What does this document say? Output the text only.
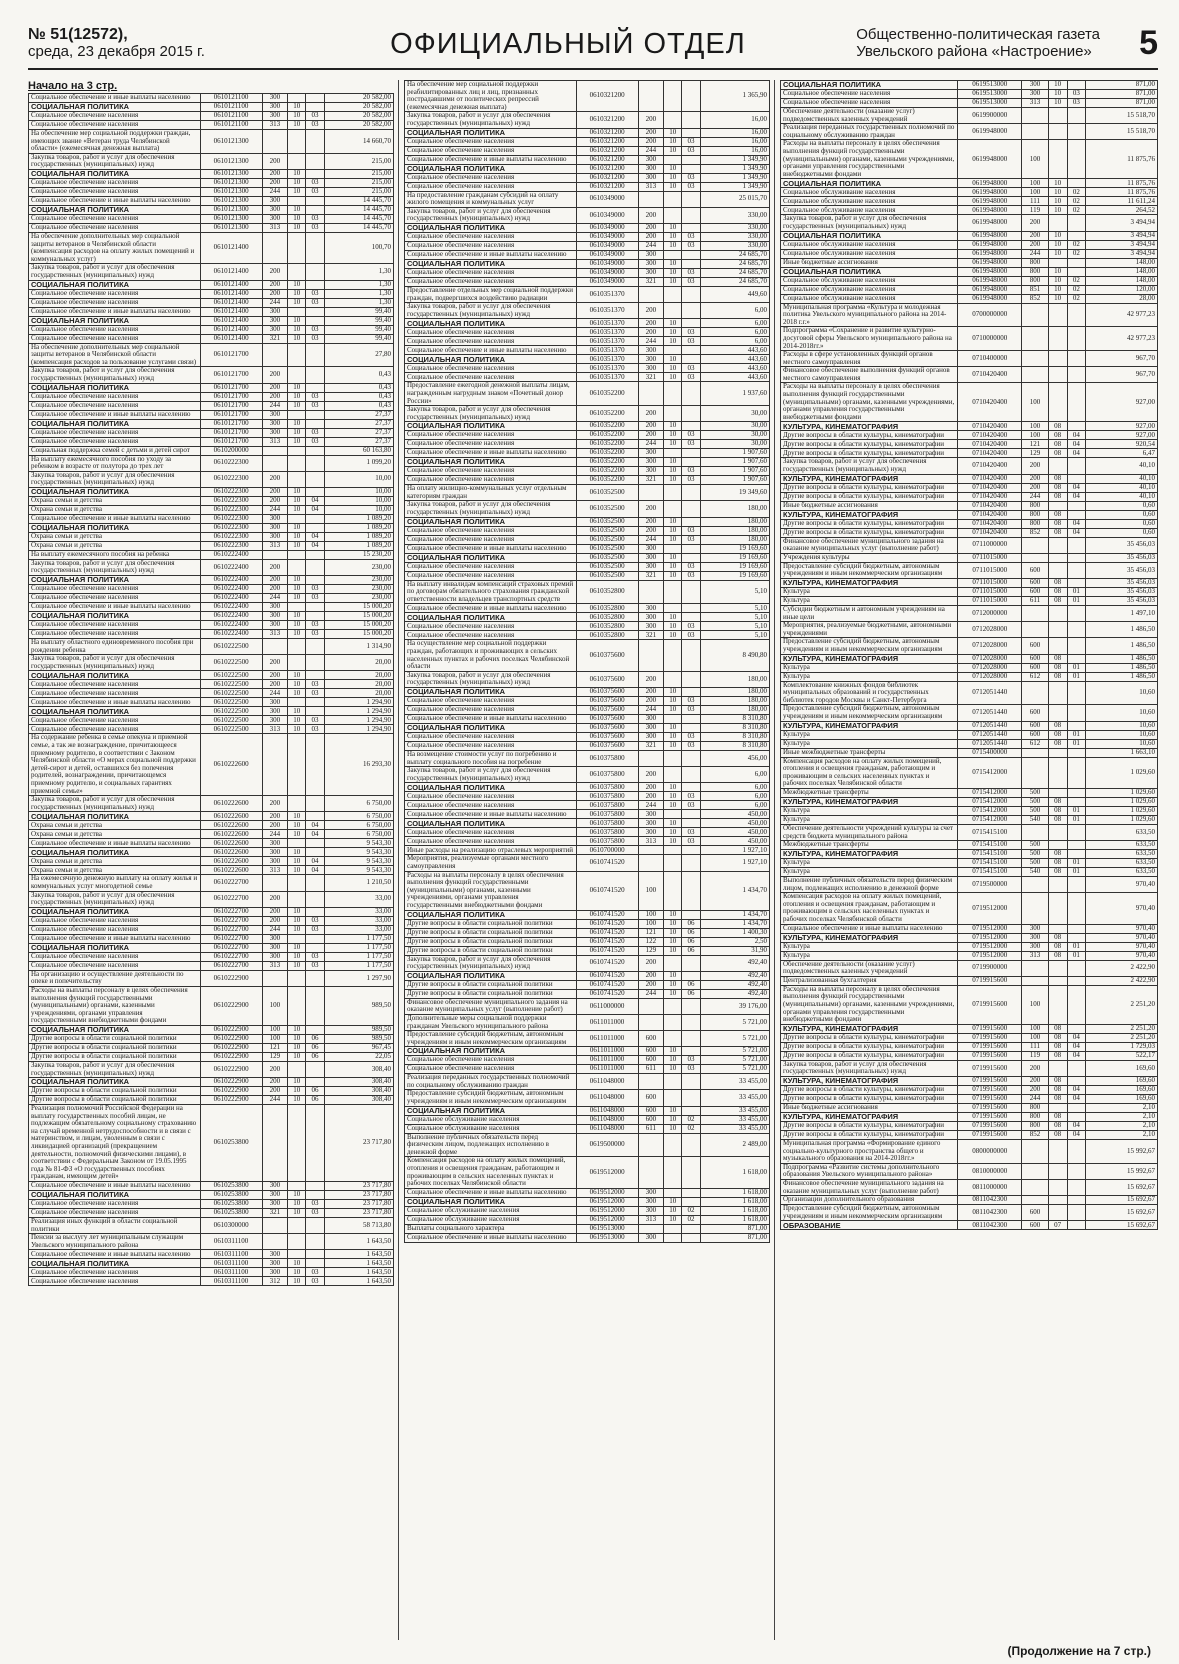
№ 51(12572),
среда, 23 декабря 2015 г.	ОФИЦИАЛЬНЫЙ ОТДЕЛ	Общественно-политическая газета
Увельского района «Настроение» 5
Начало на 3 стр.
Социальное обеспечение и иные выплаты населению	0610121100	300			20 582,00
СОЦИАЛЬНАЯ ПОЛИТИКА	0610121100	300	10		20 582,00
Социальное обеспечение населения	0610121100	300	10	03	20 582,00
Социальное обеспечение населения	0610121100	313	10	03	20 582,00
На обеспечение мер социальной поддержки граждан, имеющих звание «Ветеран труда Челябинской области» (ежемесячная денежная выплата)	0610121300				14 660,70
Закупка товаров, работ и услуг для обеспечения государственных (муниципальных) нужд	0610121300	200			215,00
СОЦИАЛЬНАЯ ПОЛИТИКА	0610121300	200	10		215,00
Социальное обеспечение населения	0610121300	200	10	03	215,00
Социальное обеспечение населения	0610121300	244	10	03	215,00
Социальное обеспечение и иные выплаты населению	0610121300	300			14 445,70
СОЦИАЛЬНАЯ ПОЛИТИКА	0610121300	300	10		14 445,70
Социальное обеспечение населения	0610121300	300	10	03	14 445,70
Социальное обеспечение населения	0610121300	313	10	03	14 445,70
На обеспечение дополнительных мер социальной защиты ветеранов в Челябинской области (компенсация расходов на оплату жилых помещений и коммунальных услуг)	0610121400				100,70
Закупка товаров, работ и услуг для обеспечения государственных (муниципальных) нужд	0610121400	200			1,30
СОЦИАЛЬНАЯ ПОЛИТИКА	0610121400	200	10		1,30
Социальное обеспечение населения	0610121400	200	10	03	1,30
Социальное обеспечение населения	0610121400	244	10	03	1,30
Социальное обеспечение и иные выплаты населению	0610121400	300			99,40
СОЦИАЛЬНАЯ ПОЛИТИКА	0610121400	300	10		99,40
Социальное обеспечение населения	0610121400	300	10	03	99,40
Социальное обеспечение населения	0610121400	321	10	03	99,40
На обеспечение дополнительных мер социальной защиты ветеранов в Челябинской области (компенсация расходов за пользование услугами связи)	0610121700				27,80
Закупка товаров, работ и услуг для обеспечения государственных (муниципальных) нужд	0610121700	200			0,43
СОЦИАЛЬНАЯ ПОЛИТИКА	0610121700	200	10		0,43
Социальное обеспечение населения	0610121700	200	10	03	0,43
Социальное обеспечение населения	0610121700	244	10	03	0,43
Социальное обеспечение и иные выплаты населению	0610121700	300			27,37
СОЦИАЛЬНАЯ ПОЛИТИКА	0610121700	300	10		27,37
Социальное обеспечение населения	0610121700	300	10	03	27,37
Социальное обеспечение населения	0610121700	313	10	03	27,37
Социальная поддержка семей с детьми и детей сирот	0610200000				60 163,80
На выплату ежемесячного пособия по уходу за ребенком в возрасте от полутора до трех лет	0610222300				1 099,20
Закупка товаров, работ и услуг для обеспечения государственных (муниципальных) нужд	0610222300	200			10,00
СОЦИАЛЬНАЯ ПОЛИТИКА	0610222300	200	10		10,00
Охрана семьи и детства	0610222300	200	10	04	10,00
Охрана семьи и детства	0610222300	244	10	04	10,00
Социальное обеспечение и иные выплаты населению	0610222300	300			1 089,20
СОЦИАЛЬНАЯ ПОЛИТИКА	0610222300	300	10		1 089,20
Охрана семьи и детства	0610222300	300	10	04	1 089,20
Охрана семьи и детства	0610222300	313	10	04	1 089,20
На выплату ежемесячного пособия на ребенка	0610222400				15 230,20
Закупка товаров, работ и услуг для обеспечения государственных (муниципальных) нужд	0610222400	200			230,00
СОЦИАЛЬНАЯ ПОЛИТИКА	0610222400	200	10		230,00
Социальное обеспечение населения	0610222400	200	10	03	230,00
Социальное обеспечение населения	0610222400	244	10	03	230,00
Социальное обеспечение и иные выплаты населению	0610222400	300			15 000,20
СОЦИАЛЬНАЯ ПОЛИТИКА	0610222400	300	10		15 000,20
Социальное обеспечение населения	0610222400	300	10	03	15 000,20
Социальное обеспечение населения	0610222400	313	10	03	15 000,20
На выплату областного единовременного пособия при рождении ребенка	0610222500				1 314,90
Закупка товаров, работ и услуг для обеспечения государственных (муниципальных) нужд	0610222500	200			20,00
СОЦИАЛЬНАЯ ПОЛИТИКА	0610222500	200	10		20,00
Социальное обеспечение населения	0610222500	200	10	03	20,00
Социальное обеспечение населения	0610222500	244	10	03	20,00
Социальное обеспечение и иные выплаты населению	0610222500	300			1 294,90
СОЦИАЛЬНАЯ ПОЛИТИКА	0610222500	300	10		1 294,90
Социальное обеспечение населения	0610222500	300	10	03	1 294,90
Социальное обеспечение населения	0610222500	313	10	03	1 294,90
На содержание ребенка в семье опекуна и приемной семье, а так же вознаграждение, причитающееся приемному родителю, в соответствии с Законом Челябинской области «О мерах социальной поддержки детей-сирот и детей, оставшихся без попечения родителей, вознаграждении, причитающемся приемному родителю, и социальных гарантиях приемной семье»	0610222600				16 293,30
Закупка товаров, работ и услуг для обеспечения государственных (муниципальных) нужд	0610222600	200			6 750,00
СОЦИАЛЬНАЯ ПОЛИТИКА	0610222600	200	10		6 750,00
Охрана семьи и детства	0610222600	200	10	04	6 750,00
Охрана семьи и детства	0610222600	244	10	04	6 750,00
Социальное обеспечение и иные выплаты населению	0610222600	300			9 543,30
СОЦИАЛЬНАЯ ПОЛИТИКА	0610222600	300	10		9 543,30
Охрана семьи и детства	0610222600	300	10	04	9 543,30
Охрана семьи и детства	0610222600	313	10	04	9 543,30
На ежемесячную денежную выплату на оплату жилья и коммунальных услуг многодетной семье	0610222700				1 210,50
Закупка товаров, работ и услуг для обеспечения государственных (муниципальных) нужд	0610222700	200			33,00
СОЦИАЛЬНАЯ ПОЛИТИКА	0610222700	200	10		33,00
Социальное обеспечение населения	0610222700	200	10	03	33,00
Социальное обеспечение населения	0610222700	244	10	03	33,00
Социальное обеспечение и иные выплаты населению	0610222700	300			1 177,50
СОЦИАЛЬНАЯ ПОЛИТИКА	0610222700	300	10		1 177,50
Социальное обеспечение населения	0610222700	300	10	03	1 177,50
Социальное обеспечение населения	0610222700	313	10	03	1 177,50
На организацию и осуществление деятельности по опеке и попечительству	0610222900				1 297,90
Расходы на выплаты персоналу в целях обеспечения выполнения функций государственными (муниципальными) органами, казенными учреждениями, органами управления государственными внебюджетными фондами	0610222900	100			989,50
СОЦИАЛЬНАЯ ПОЛИТИКА	0610222900	100	10		989,50
Другие вопросы в области социальной политики	0610222900	100	10	06	989,50
Другие вопросы в области социальной политики	0610222900	121	10	06	967,45
Другие вопросы в области социальной политики	0610222900	129	10	06	22,05
Закупка товаров, работ и услуг для обеспечения государственных (муниципальных) нужд	0610222900	200			308,40
СОЦИАЛЬНАЯ ПОЛИТИКА	0610222900	200	10		308,40
Другие вопросы в области социальной политики	0610222900	200	10	06	308,40
Другие вопросы в области социальной политики	0610222900	244	10	06	308,40
Реализация полномочий Российской Федерации на выплату государственных пособий лицам, не подлежащим обязательному социальному страхованию на случай временной нетрудоспособности и в связи с материнством, и лицам, уволенным в связи с ликвидацией организаций (прекращением деятельности, полномочий физическими лицами), в соответствии с Федеральным Законом от 19.05.1995 года № 81-ФЗ «О государственных пособиях гражданам, имеющим детей»	0610253800				23 717,80
Социальное обеспечение и иные выплаты населению	0610253800	300			23 717,80
СОЦИАЛЬНАЯ ПОЛИТИКА	0610253800	300	10		23 717,80
Социальное обеспечение населения	0610253800	300	10	03	23 717,80
Социальное обеспечение населения	0610253800	321	10	03	23 717,80
Реализация иных функций в области социальной политики	0610300000				58 713,80
Пенсии за выслугу лет муниципальным служащим Увельского муниципального района	0610311100				1 643,50
Социальное обеспечение и иные выплаты населению	0610311100	300			1 643,50
СОЦИАЛЬНАЯ ПОЛИТИКА	0610311100	300	10		1 643,50
Социальное обеспечение населения	0610311100	300	10	03	1 643,50
Социальное обеспечение населения	0610311100	312	10	03	1 643,50
На обеспечение мер социальной поддержки реабилитированных лиц и лиц, признанных пострадавшими от политических репрессий (ежемесячная денежная выплата)	0610321200				1 365,90
Закупка товаров, работ и услуг для обеспечения государственных (муниципальных) нужд	0610321200	200			16,00
СОЦИАЛЬНАЯ ПОЛИТИКА	0610321200	200	10		16,00
Социальное обеспечение населения	0610321200	200	10	03	16,00
Социальное обеспечение населения	0610321200	244	10	03	16,00
Социальное обеспечение и иные выплаты населению	0610321200	300			1 349,90
СОЦИАЛЬНАЯ ПОЛИТИКА	0610321200	300	10		1 349,90
Социальное обеспечение населения	0610321200	300	10	03	1 349,90
Социальное обеспечение населения	0610321200	313	10	03	1 349,90
На предоставление гражданам субсидий на оплату жилого помещения и коммунальных услуг	0610349000				25 015,70
Закупка товаров, работ и услуг для обеспечения государственных (муниципальных) нужд	0610349000	200			330,00
СОЦИАЛЬНАЯ ПОЛИТИКА	0610349000	200	10		330,00
Социальное обеспечение населения	0610349000	200	10	03	330,00
Социальное обеспечение населения	0610349000	244	10	03	330,00
Социальное обеспечение и иные выплаты населению	0610349000	300			24 685,70
СОЦИАЛЬНАЯ ПОЛИТИКА	0610349000	300	10		24 685,70
Социальное обеспечение населения	0610349000	300	10	03	24 685,70
Социальное обеспечение населения	0610349000	321	10	03	24 685,70
Предоставление отдельных мер социальной поддержки граждан, подвергшихся воздействию радиации	0610351370				449,60
Закупка товаров, работ и услуг для обеспечения государственных (муниципальных) нужд	0610351370	200			6,00
СОЦИАЛЬНАЯ ПОЛИТИКА	0610351370	200	10		6,00
Социальное обеспечение населения	0610351370	200	10	03	6,00
Социальное обеспечение населения	0610351370	244	10	03	6,00
Социальное обеспечение и иные выплаты населению	0610351370	300			443,60
СОЦИАЛЬНАЯ ПОЛИТИКА	0610351370	300	10		443,60
Социальное обеспечение населения	0610351370	300	10	03	443,60
Социальное обеспечение населения	0610351370	321	10	03	443,60
Предоставление ежегодной денежной выплаты лицам, награжденным нагрудным знаком «Почетный донор России»	0610352200				1 937,60
Закупка товаров, работ и услуг для обеспечения государственных (муниципальных) нужд	0610352200	200			30,00
СОЦИАЛЬНАЯ ПОЛИТИКА	0610352200	200	10		30,00
Социальное обеспечение населения	0610352200	200	10	03	30,00
Социальное обеспечение населения	0610352200	244	10	03	30,00
Социальное обеспечение и иные выплаты населению	0610352200	300			1 907,60
СОЦИАЛЬНАЯ ПОЛИТИКА	0610352200	300	10		1 907,60
Социальное обеспечение населения	0610352200	300	10	03	1 907,60
Социальное обеспечение населения	0610352200	321	10	03	1 907,60
На оплату жилищно-коммунальных услуг отдельным категориям граждан	0610352500				19 349,60
Закупка товаров, работ и услуг для обеспечения государственных (муниципальных) нужд	0610352500	200			180,00
СОЦИАЛЬНАЯ ПОЛИТИКА	0610352500	200	10		180,00
Социальное обеспечение населения	0610352500	200	10	03	180,00
Социальное обеспечение населения	0610352500	244	10	03	180,00
Социальное обеспечение и иные выплаты населению	0610352500	300			19 169,60
СОЦИАЛЬНАЯ ПОЛИТИКА	0610352500	300	10		19 169,60
Социальное обеспечение населения	0610352500	300	10	03	19 169,60
Социальное обеспечение населения	0610352500	321	10	03	19 169,60
На выплату инвалидам компенсаций страховых премий по договорам обязательного страхования гражданской ответственности владельцев транспортных средств	0610352800				5,10
Социальное обеспечение и иные выплаты населению	0610352800	300			5,10
СОЦИАЛЬНАЯ ПОЛИТИКА	0610352800	300	10		5,10
Социальное обеспечение населения	0610352800	300	10	03	5,10
Социальное обеспечение населения	0610352800	321	10	03	5,10
На осуществление мер социальной поддержки граждан, работающих и проживающих в сельских населенных пунктах и рабочих поселках Челябинской области	0610375600				8 490,80
Закупка товаров, работ и услуг для обеспечения государственных (муниципальных) нужд	0610375600	200			180,00
СОЦИАЛЬНАЯ ПОЛИТИКА	0610375600	200	10		180,00
Социальное обеспечение населения	0610375600	200	10	03	180,00
Социальное обеспечение населения	0610375600	244	10	03	180,00
Социальное обеспечение и иные выплаты населению	0610375600	300			8 310,80
СОЦИАЛЬНАЯ ПОЛИТИКА	0610375600	300	10		8 310,80
Социальное обеспечение населения	0610375600	300	10	03	8 310,80
Социальное обеспечение населения	0610375600	321	10	03	8 310,80
На возмещение стоимости услуг по погребению и выплату социального пособия на погребение	0610375800				456,00
Закупка товаров, работ и услуг для обеспечения государственных (муниципальных) нужд	0610375800	200			6,00
СОЦИАЛЬНАЯ ПОЛИТИКА	0610375800	200	10		6,00
Социальное обеспечение населения	0610375800	200	10	03	6,00
Социальное обеспечение населения	0610375800	244	10	03	6,00
Социальное обеспечение и иные выплаты населению	0610375800	300			450,00
СОЦИАЛЬНАЯ ПОЛИТИКА	0610375800	300	10		450,00
Социальное обеспечение населения	0610375800	300	10	03	450,00
Социальное обеспечение населения	0610375800	313	10	03	450,00
Иные расходы на реализацию отраслевых мероприятий	0610700000				1 927,10
Мероприятия, реализуемые органами местного самоуправления	0610741520				1 927,10
Расходы на выплаты персоналу в целях обеспечения выполнения функций государственными (муниципальными) органами, казенными учреждениями, органами управления государственными внебюджетными фондами	0610741520	100			1 434,70
СОЦИАЛЬНАЯ ПОЛИТИКА	0610741520	100	10		1 434,70
Другие вопросы в области социальной политики	0610741520	100	10	06	1 434,70
Другие вопросы в области социальной политики	0610741520	121	10	06	1 400,30
Другие вопросы в области социальной политики	0610741520	122	10	06	2,50
Другие вопросы в области социальной политики	0610741520	129	10	06	31,90
Закупка товаров, работ и услуг для обеспечения государственных (муниципальных) нужд	0610741520	200			492,40
СОЦИАЛЬНАЯ ПОЛИТИКА	0610741520	200	10		492,40
Другие вопросы в области социальной политики	0610741520	200	10	06	492,40
Другие вопросы в области социальной политики	0610741520	244	10	06	492,40
Финансовое обеспечение муниципального задания на оказание муниципальных услуг (выполнение работ)	0611000000				39 176,00
Дополнительные меры социальной поддержки гражданам Увельского муниципального района	0611011000				5 721,00
Предоставление субсидий бюджетным, автономным учреждениям и иным некоммерческим организациям	0611011000	600			5 721,00
СОЦИАЛЬНАЯ ПОЛИТИКА	0611011000	600	10		5 721,00
Социальное обеспечение населения	0611011000	600	10	03	5 721,00
Социальное обеспечение населения	0611011000	611	10	03	5 721,00
Реализация переданных государственных полномочий по социальному обслуживанию граждан	0611048000				33 455,00
Предоставление субсидий бюджетным, автономным учреждениям и иным некоммерческим организациям	0611048000	600			33 455,00
СОЦИАЛЬНАЯ ПОЛИТИКА	0611048000	600	10		33 455,00
Социальное обслуживание населения	0611048000	600	10	02	33 455,00
Социальное обслуживание населения	0611048000	611	10	02	33 455,00
Выполнение публичных обязательств перед физическим лицом, подлежащих исполнению в денежной форме	0619500000				2 489,00
Компенсация расходов на оплату жилых помещений, отопления и освещения гражданам, работающим и проживающим в сельских населенных пунктах и рабочих поселках Челябинской области	0619512000				1 618,00
Социальное обеспечение и иные выплаты населению	0619512000	300			1 618,00
СОЦИАЛЬНАЯ ПОЛИТИКА	0619512000	300	10		1 618,00
Социальное обслуживание населения	0619512000	300	10	02	1 618,00
Социальное обслуживание населения	0619512000	313	10	02	1 618,00
Выплаты социального характера	0619513000				871,00
Социальное обеспечение и иные выплаты населению	0619513000	300			871,00
СОЦИАЛЬНАЯ ПОЛИТИКА	0619513000	300	10		871,00
Социальное обеспечение населения	0619513000	300	10	03	871,00
Социальное обеспечение населения	0619513000	313	10	03	871,00
Обеспечение деятельности (оказание услуг) подведомственных казенных учреждений	0619900000				15 518,70
Реализация переданных государственных полномочий по социальному обслуживанию граждан	0619948000				15 518,70
Расходы на выплаты персоналу в целях обеспечения выполнения функций государственными (муниципальными) органами, казенными учреждениями, органами управления государственными внебюджетными фондами	0619948000	100			11 875,76
СОЦИАЛЬНАЯ ПОЛИТИКА	0619948000	100	10		11 875,76
Социальное обслуживание населения	0619948000	100	10	02	11 875,76
Социальное обслуживание населения	0619948000	111	10	02	11 611,24
Социальное обслуживание населения	0619948000	119	10	02	264,52
Закупка товаров, работ и услуг для обеспечения государственных (муниципальных) нужд	0619948000	200			3 494,94
СОЦИАЛЬНАЯ ПОЛИТИКА	0619948000	200	10		3 494,94
Социальное обслуживание населения	0619948000	200	10	02	3 494,94
Социальное обслуживание населения	0619948000	244	10	02	3 494,94
Иные бюджетные ассигнования	0619948000	800			148,00
СОЦИАЛЬНАЯ ПОЛИТИКА	0619948000	800	10		148,00
Социальное обслуживание населения	0619948000	800	10	02	148,00
Социальное обслуживание населения	0619948000	851	10	02	120,00
Социальное обслуживание населения	0619948000	852	10	02	28,00
Муниципальная программа «Культура и молодежная политика Увельского муниципального района на 2014-2018 г.г.»	0700000000				42 977,23
Подпрограмма «Сохранение и развитие культурно-досуговой сферы Увельского муниципального района на 2014-2018гг.»	0710000000				42 977,23
Расходы в сфере установленных функций органов местного самоуправления	0710400000				967,70
Финансовое обеспечение выполнения функций органов местного самоуправления	0710420400				967,70
Расходы на выплаты персоналу в целях обеспечения выполнения функций государственными (муниципальными) органами, казенными учреждениями, органами управления государственными внебюджетными фондами	0710420400	100			927,00
КУЛЬТУРА, КИНЕМАТОГРАФИЯ	0710420400	100	08		927,00
Другие вопросы в области культуры, кинематографии	0710420400	100	08	04	927,00
Другие вопросы в области культуры, кинематографии	0710420400	121	08	04	920,54
Другие вопросы в области культуры, кинематографии	0710420400	129	08	04	6,47
Закупка товаров, работ и услуг для обеспечения государственных (муниципальных) нужд	0710420400	200			40,10
КУЛЬТУРА, КИНЕМАТОГРАФИЯ	0710420400	200	08		40,10
Другие вопросы в области культуры, кинематографии	0710420400	200	08	04	40,10
Другие вопросы в области культуры, кинематографии	0710420400	244	08	04	40,10
Иные бюджетные ассигнования	0710420400	800			0,60
КУЛЬТУРА, КИНЕМАТОГРАФИЯ	0710420400	800	08		0,60
Другие вопросы в области культуры, кинематографии	0710420400	800	08	04	0,60
Другие вопросы в области культуры, кинематографии	0710420400	852	08	04	0,60
Финансовое обеспечение муниципального задания на оказание муниципальных услуг (выполнение работ)	0711000000				35 456,03
Учреждения культуры	0711015000				35 456,03
Предоставление субсидий бюджетным, автономным учреждениям и иным некоммерческим организациям	0711015000	600			35 456,03
КУЛЬТУРА, КИНЕМАТОГРАФИЯ	0711015000	600	08		35 456,03
Культура	0711015000	600	08	01	35 456,03
Культура	0711015000	611	08	01	35 456,03
Субсидии бюджетным и автономным учреждениям на иные цели	0712000000				1 497,10
Мероприятия, реализуемые бюджетными, автономными учреждениями	0712028000				1 486,50
Предоставление субсидий бюджетным, автономным учреждениям и иным некоммерческим организациям	0712028000	600			1 486,50
КУЛЬТУРА, КИНЕМАТОГРАФИЯ	0712028000	600	08		1 486,50
Культура	0712028000	600	08	01	1 486,50
Культура	0712028000	612	08	01	1 486,50
Комплектование книжных фондов библиотек муниципальных образований и государственных библиотек городов Москвы и Санкт-Петербурга	0712051440				10,60
Предоставление субсидий бюджетным, автономным учреждениям и иным некоммерческим организациям	0712051440	600			10,60
КУЛЬТУРА, КИНЕМАТОГРАФИЯ	0712051440	600	08		10,60
Культура	0712051440	600	08	01	10,60
Культура	0712051440	612	08	01	10,60
Иные межбюджетные трансферты	0715400000				1 663,10
Компенсация расходов на оплату жилых помещений, отопления и освещения гражданам, работающим и проживающим в сельских населенных пунктах и рабочих поселках Челябинской области	0715412000				1 029,60
Межбюджетные трансферты	0715412000	500			1 029,60
КУЛЬТУРА, КИНЕМАТОГРАФИЯ	0715412000	500	08		1 029,60
Культура	0715412000	500	08	01	1 029,60
Культура	0715412000	540	08	01	1 029,60
Обеспечение деятельности учреждений культуры за счет средств бюджета муниципального района	0715415100				633,50
Межбюджетные трансферты	0715415100	500			633,50
КУЛЬТУРА, КИНЕМАТОГРАФИЯ	0715415100	500	08		633,50
Культура	0715415100	500	08	01	633,50
Культура	0715415100	540	08	01	633,50
Выполнение публичных обязательств перед физическим лицом, подлежащих исполнению в денежной форме	0719500000				970,40
Компенсация расходов на оплату жилых помещений, отопления и освещения гражданам, работающим и проживающим в сельских населенных пунктах и рабочих поселках Челябинской области	0719512000				970,40
Социальное обеспечение и иные выплаты населению	0719512000	300			970,40
КУЛЬТУРА, КИНЕМАТОГРАФИЯ	0719512000	300	08		970,40
Культура	0719512000	300	08	01	970,40
Культура	0719512000	313	08	01	970,40
Обеспечение деятельности (оказание услуг) подведомственных казенных учреждений	0719900000				2 422,90
Централизованная бухгалтерия	0719915600				2 422,90
Расходы на выплаты персоналу в целях обеспечения выполнения функций государственными (муниципальными) органами, казенными учреждениями, органами управления государственными внебюджетными фондами	0719915600	100			2 251,20
КУЛЬТУРА, КИНЕМАТОГРАФИЯ	0719915600	100	08		2 251,20
Другие вопросы в области культуры, кинематографии	0719915600	100	08	04	2 251,20
Другие вопросы в области культуры, кинематографии	0719915600	111	08	04	1 729,03
Другие вопросы в области культуры, кинематографии	0719915600	119	08	04	522,17
Закупка товаров, работ и услуг для обеспечения государственных (муниципальных) нужд	0719915600	200			169,60
КУЛЬТУРА, КИНЕМАТОГРАФИЯ	0719915600	200	08		169,60
Другие вопросы в области культуры, кинематографии	0719915600	200	08	04	169,60
Другие вопросы в области культуры, кинематографии	0719915600	244	08	04	169,60
Иные бюджетные ассигнования	0719915600	800			2,10
КУЛЬТУРА, КИНЕМАТОГРАФИЯ	0719915600	800	08		2,10
Другие вопросы в области культуры, кинематографии	0719915600	800	08	04	2,10
Другие вопросы в области культуры, кинематографии	0719915600	852	08	04	2,10
Муниципальная программа «Формирование единого социально-культурного пространства общего и музыкального образования на 2014-2018гг.»	0800000000				15 992,67
Подпрограмма «Развитие системы дополнительного образования Увельского муниципального района»	0810000000				15 992,67
Финансовое обеспечение муниципального задания на оказание муниципальных услуг (выполнение работ)	0811000000				15 692,67
Организации дополнительного образования	0811042300				15 692,67
Предоставление субсидий бюджетным, автономным учреждениям и иным некоммерческим организациям	0811042300	600			15 692,67
ОБРАЗОВАНИЕ	0811042300	600	07		15 692,67
(Продолжение на 7 стр.)
